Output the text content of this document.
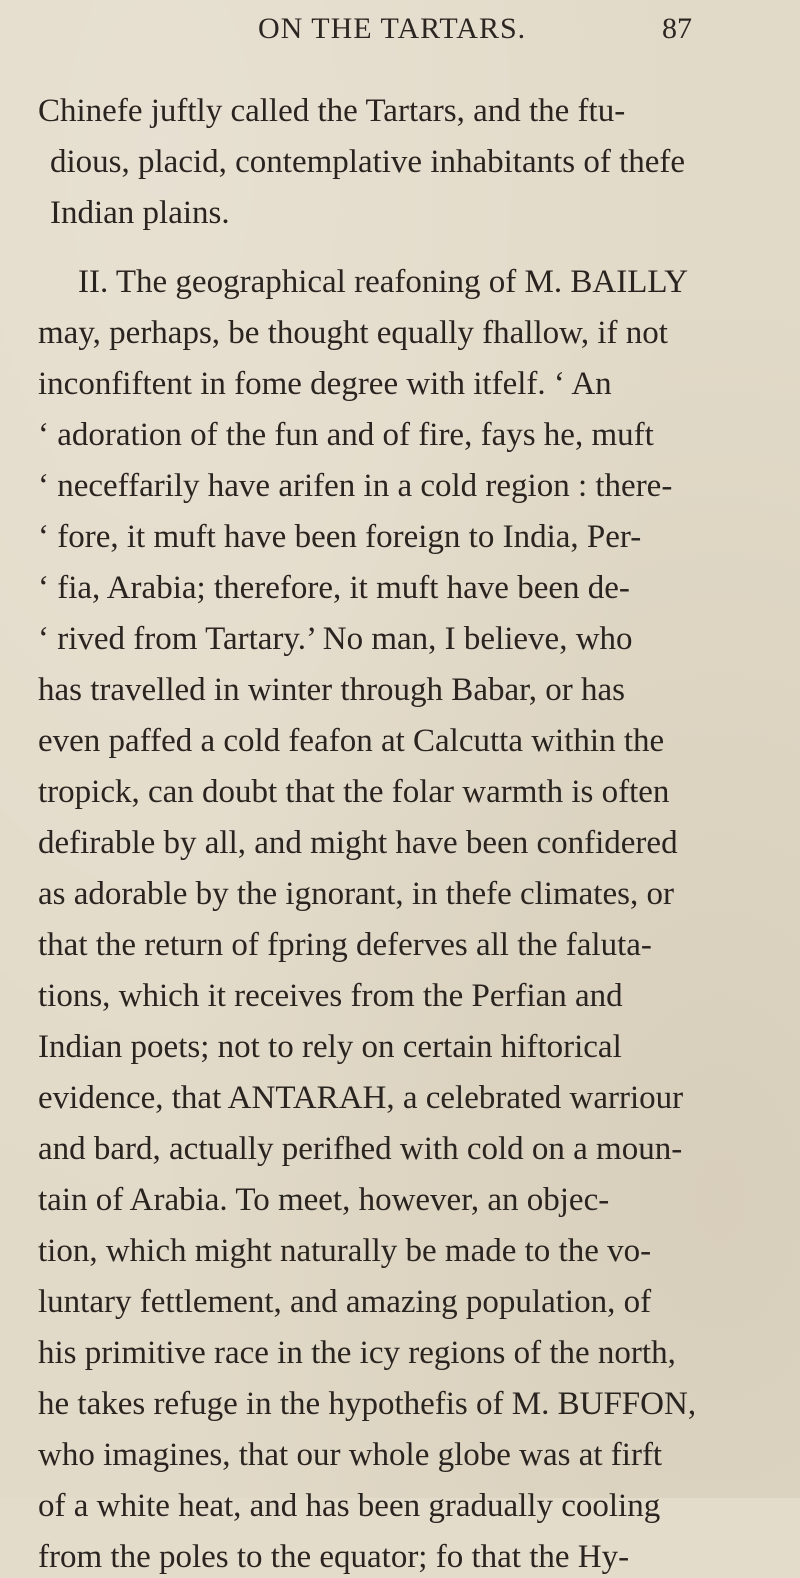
ON THE TARTARS.	87
Chinefe juftly called the Tartars, and the ftu-
dious, placid, contemplative inhabitants of thefe
Indian plains.
II. The geographical reafoning of M. BAILLY
may, perhaps, be thought equally fhallow, if not
inconfiftent in fome degree with itfelf. ‘ An
‘ adoration of the fun and of fire, fays he, muft
‘ neceffarily have arifen in a cold region : there-
‘ fore, it muft have been foreign to India, Per-
‘ fia, Arabia; therefore, it muft have been de-
‘ rived from Tartary.’ No man, I believe, who
has travelled in winter through Babar, or has
even paffed a cold feafon at Calcutta within the
tropick, can doubt that the folar warmth is often
defirable by all, and might have been confidered
as adorable by the ignorant, in thefe climates, or
that the return of fpring deferves all the faluta-
tions, which it receives from the Perfian and
Indian poets; not to rely on certain hiftorical
evidence, that ANTARAH, a celebrated warriour
and bard, actually perifhed with cold on a moun-
tain of Arabia. To meet, however, an objec-
tion, which might naturally be made to the vo-
luntary fettlement, and amazing population, of
his primitive race in the icy regions of the north,
he takes refuge in the hypothefis of M. BUFFON,
who imagines, that our whole globe was at firft
of a white heat, and has been gradually cooling
from the poles to the equator; fo that the Hy-
